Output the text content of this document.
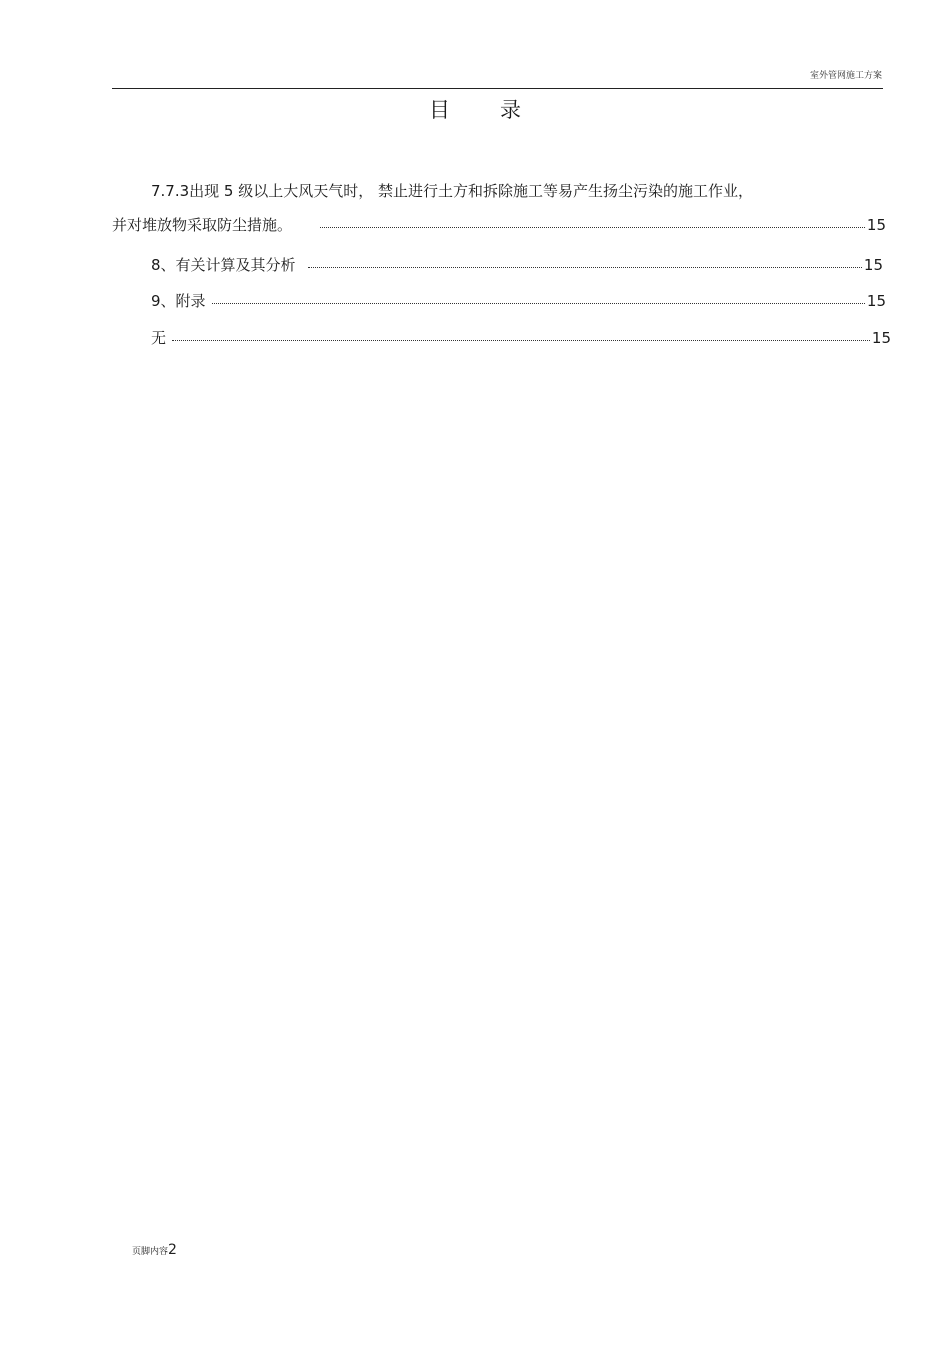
室外管网施工方案
目 录
7.7.3出现 5 级以上大风天气时， 禁止进行土方和拆除施工等易产生扬尘污染的施工作业，
并对堆放物采取防尘措施。	15
8、有关计算及其分析	15
9、附录	15
无	15
页脚内容2
